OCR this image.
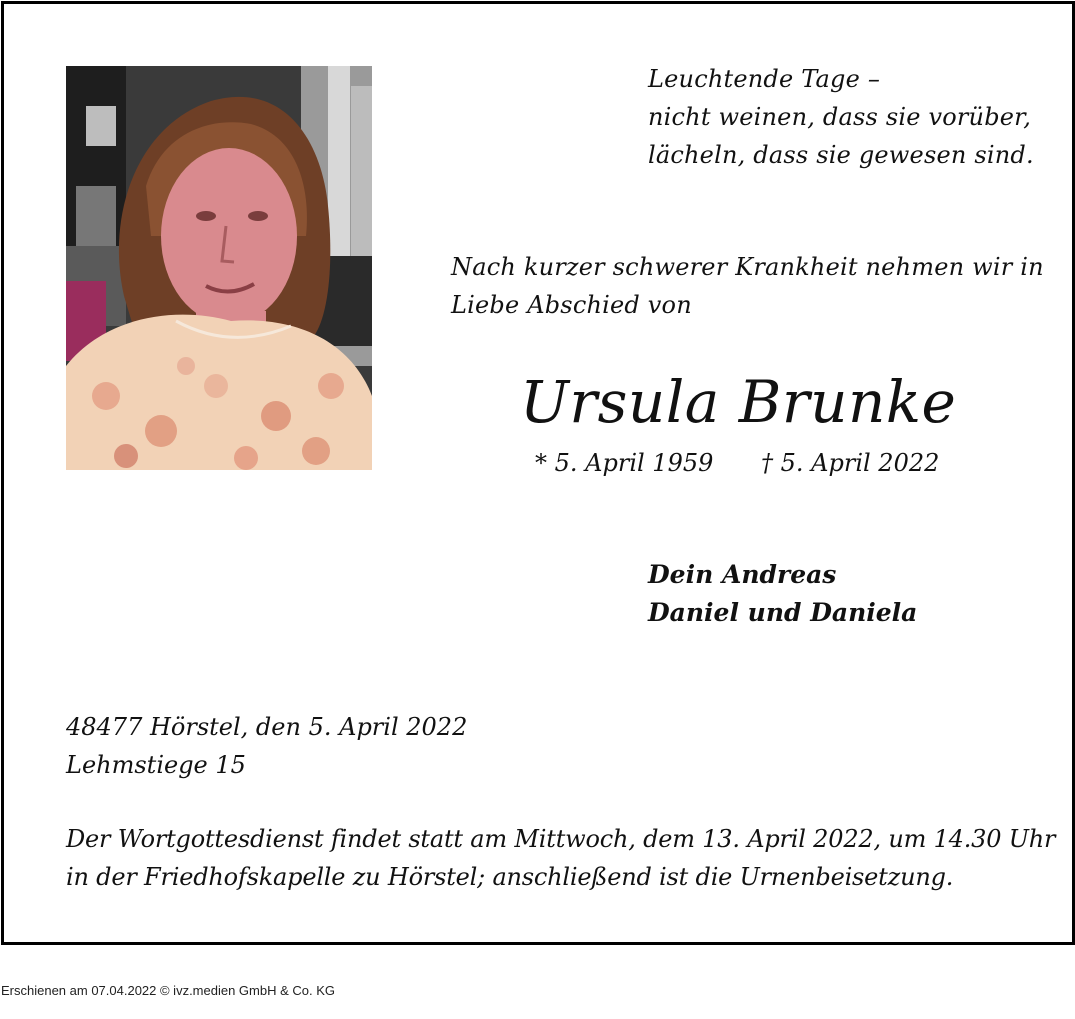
Leuchtende Tage –
nicht weinen, dass sie vorüber,
lächeln, dass sie gewesen sind.
Nach kurzer schwerer Krankheit nehmen wir in
Liebe Abschied von
Ursula Brunke
* 5. April 1959 † 5. April 2022
Dein Andreas
Daniel und Daniela
48477 Hörstel, den 5. April 2022
Lehmstiege 15
Der Wortgottesdienst findet statt am Mittwoch, dem 13. April 2022, um 14.30 Uhr
in der Friedhofskapelle zu Hörstel; anschließend ist die Urnenbeisetzung.
Erschienen am 07.04.2022 © ivz.medien GmbH & Co. KG
